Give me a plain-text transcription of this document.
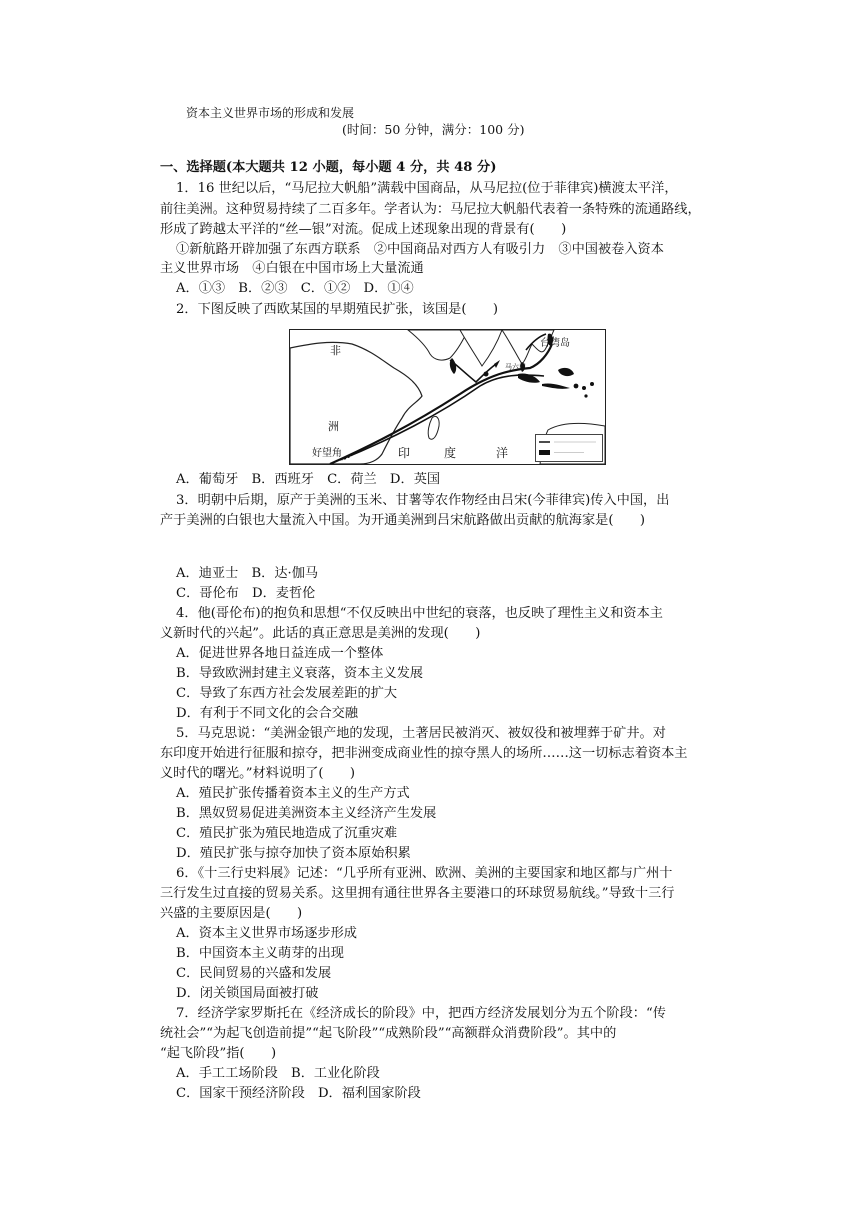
资本主义世界市场的形成和发展
(时间：50 分钟，满分：100 分)
一、选择题(本大题共 12 小题，每小题 4 分，共 48 分)
1．16 世纪以后，“马尼拉大帆船”满载中国商品，从马尼拉(位于菲律宾)横渡太平洋，
前往美洲。这种贸易持续了二百多年。学者认为：马尼拉大帆船代表着一条特殊的流通路线，
形成了跨越太平洋的“丝—银”对流。促成上述现象出现的背景有(　　)
①新航路开辟加强了东西方联系　②中国商品对西方人有吸引力　③中国被卷入资本
主义世界市场　④白银在中国市场上大量流通
A．①③　B．②③　C．①②　D．①④
2．下图反映了西欧某国的早期殖民扩张，该国是(　　)
非
洲
台湾岛
马六甲
好望角	印	度	洋
A．葡萄牙　B．西班牙　C．荷兰　D．英国
3．明朝中后期，原产于美洲的玉米、甘薯等农作物经由吕宋(今菲律宾)传入中国，出
产于美洲的白银也大量流入中国。为开通美洲到吕宋航路做出贡献的航海家是(　　)
A．迪亚士　B．达·伽马
C．哥伦布　D．麦哲伦
4．他(哥伦布)的抱负和思想“不仅反映出中世纪的衰落，也反映了理性主义和资本主
义新时代的兴起”。此话的真正意思是美洲的发现(　　)
A．促进世界各地日益连成一个整体
B．导致欧洲封建主义衰落，资本主义发展
C．导致了东西方社会发展差距的扩大
D．有利于不同文化的会合交融
5．马克思说：“美洲金银产地的发现，土著居民被消灭、被奴役和被埋葬于矿井。对
东印度开始进行征服和掠夺，把非洲变成商业性的掠夺黑人的场所……这一切标志着资本主
义时代的曙光。”材料说明了(　　)
A．殖民扩张传播着资本主义的生产方式
B．黑奴贸易促进美洲资本主义经济产生发展
C．殖民扩张为殖民地造成了沉重灾难
D．殖民扩张与掠夺加快了资本原始积累
6．《十三行史料展》记述：“几乎所有亚洲、欧洲、美洲的主要国家和地区都与广州十
三行发生过直接的贸易关系。这里拥有通往世界各主要港口的环球贸易航线。”导致十三行
兴盛的主要原因是(　　)
A．资本主义世界市场逐步形成
B．中国资本主义萌芽的出现
C．民间贸易的兴盛和发展
D．闭关锁国局面被打破
7．经济学家罗斯托在《经济成长的阶段》中，把西方经济发展划分为五个阶段：“传
统社会”“为起飞创造前提”“起飞阶段”“成熟阶段”“高额群众消费阶段”。其中的
“起飞阶段”指(　　)
A．手工工场阶段　B．工业化阶段
C．国家干预经济阶段　D．福利国家阶段
